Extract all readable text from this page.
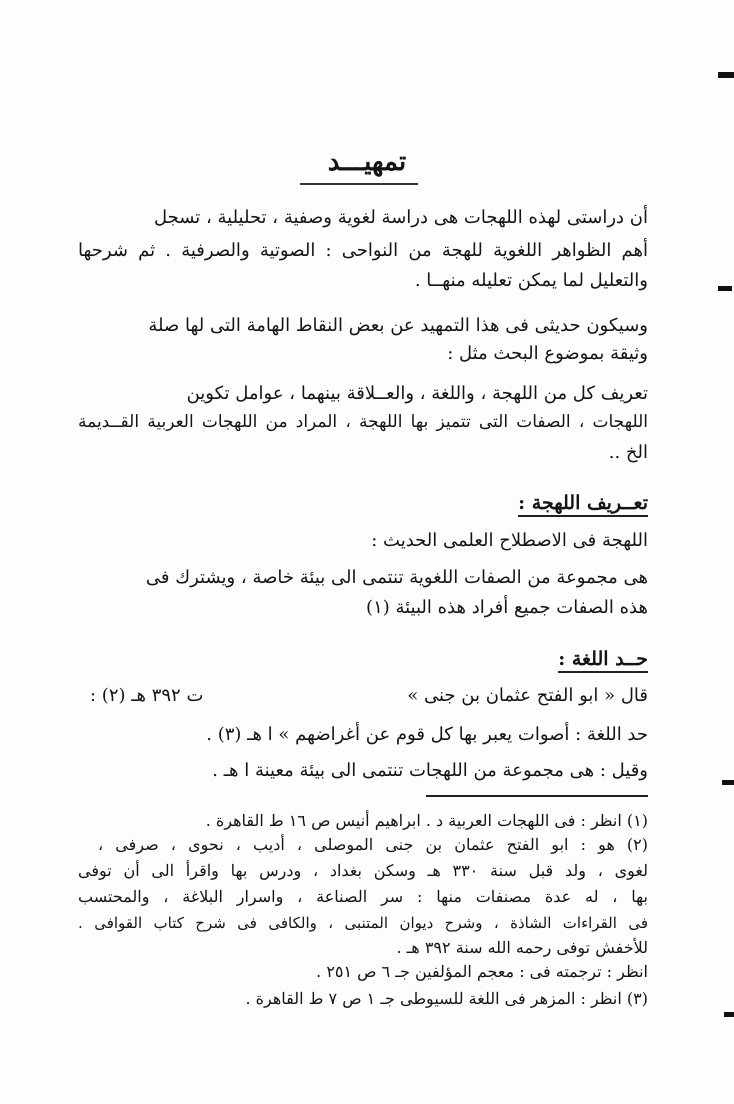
تمهيـــد
أن دراستى لهذه اللهجات هى دراسة لغوية وصفية ، تحليلية ، تسجل
أهم الظواهر اللغوية للهجة من النواحى : الصوتية والصرفية . ثم شرحها
والتعليل لما يمكن تعليله منهــا .
وسيكون حديثى فى هذا التمهيد عن بعض النقاط الهامة التى لها صلة
وثيقة بموضوع البحث مثل :
تعريف كل من اللهجة ، واللغة ، والعــلاقة بينهما ، عوامل تكوين
اللهجات ، الصفات التى تتميز بها اللهجة ، المراد من اللهجات العربية القــديمة
الخ ..
تعــريف اللهجة :
اللهجة فى الاصطلاح العلمى الحديث :
هى مجموعة من الصفات اللغوية تنتمى الى بيئة خاصة ، ويشترك فى
هذه الصفات جميع أفراد هذه البيئة (١)
حــد اللغة :
قال « ابو الفتح عثمان بن جنى »
ت ٣٩٢ هـ (٢) :
حد اللغة : أصوات يعبر بها كل قوم عن أغراضهم » ا هـ (٣) .
وقيل : هى مجموعة من اللهجات تنتمى الى بيئة معينة ا هـ .
(١) انظر : فى اللهجات العربية د . ابراهيم أنيس ص ١٦ ط القاهرة .
(٢) هو : ابو الفتح عثمان بن جنى الموصلى ، أديب ، نحوى ، صرفى ،
لغوى ، ولد قبل سنة ٣٣٠ هـ وسكن بغداد ، ودرس بها واقرأ الى أن توفى
بها ، له عدة مصنفات منها : سر الصناعة ، واسرار البلاغة ، والمحتسب
فى القراءات الشاذة ، وشرح ديوان المتنبى ، والكافى فى شرح كتاب القوافى .
للأخفش توفى رحمه الله سنة ٣٩٢ هـ .
انظر : ترجمته فى : معجم المؤلفين جـ ٦ ص ٢٥١ .
(٣) انظر : المزهر فى اللغة للسيوطى جـ ١ ص ٧ ط القاهرة .
